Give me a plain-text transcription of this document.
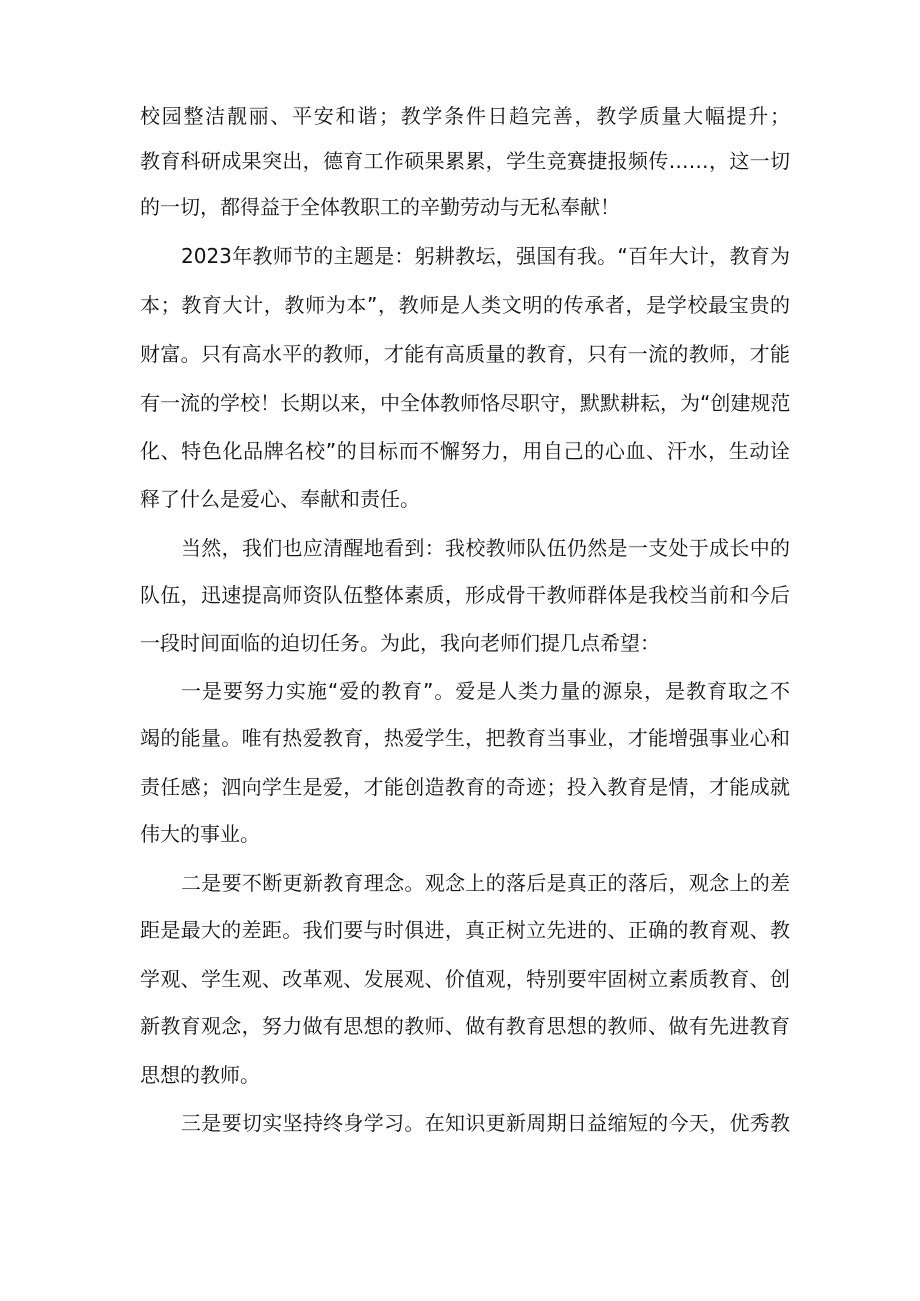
校园整洁靓丽、平安和谐；教学条件日趋完善，教学质量大幅提升；
教育科研成果突出，德育工作硕果累累，学生竞赛捷报频传……，这一切
的一切，都得益于全体教职工的辛勤劳动与无私奉献！
2023年教师节的主题是：躬耕教坛，强国有我。“百年大计，教育为
本；教育大计，教师为本”，教师是人类文明的传承者，是学校最宝贵的
财富。只有高水平的教师，才能有高质量的教育，只有一流的教师，才能
有一流的学校！长期以来，中全体教师恪尽职守，默默耕耘，为“创建规范
化、特色化品牌名校”的目标而不懈努力，用自己的心血、汗水，生动诠
释了什么是爱心、奉献和责任。
当然，我们也应清醒地看到：我校教师队伍仍然是一支处于成长中的
队伍，迅速提高师资队伍整体素质，形成骨干教师群体是我校当前和今后
一段时间面临的迫切任务。为此，我向老师们提几点希望：
一是要努力实施“爱的教育”。爱是人类力量的源泉，是教育取之不
竭的能量。唯有热爱教育，热爱学生，把教育当事业，才能增强事业心和
责任感；泗向学生是爱，才能创造教育的奇迹；投入教育是情，才能成就
伟大的事业。
二是要不断更新教育理念。观念上的落后是真正的落后，观念上的差
距是最大的差距。我们要与时俱进，真正树立先进的、正确的教育观、教
学观、学生观、改革观、发展观、价值观，特别要牢固树立素质教育、创
新教育观念，努力做有思想的教师、做有教育思想的教师、做有先进教育
思想的教师。
三是要切实坚持终身学习。在知识更新周期日益缩短的今天，优秀教
